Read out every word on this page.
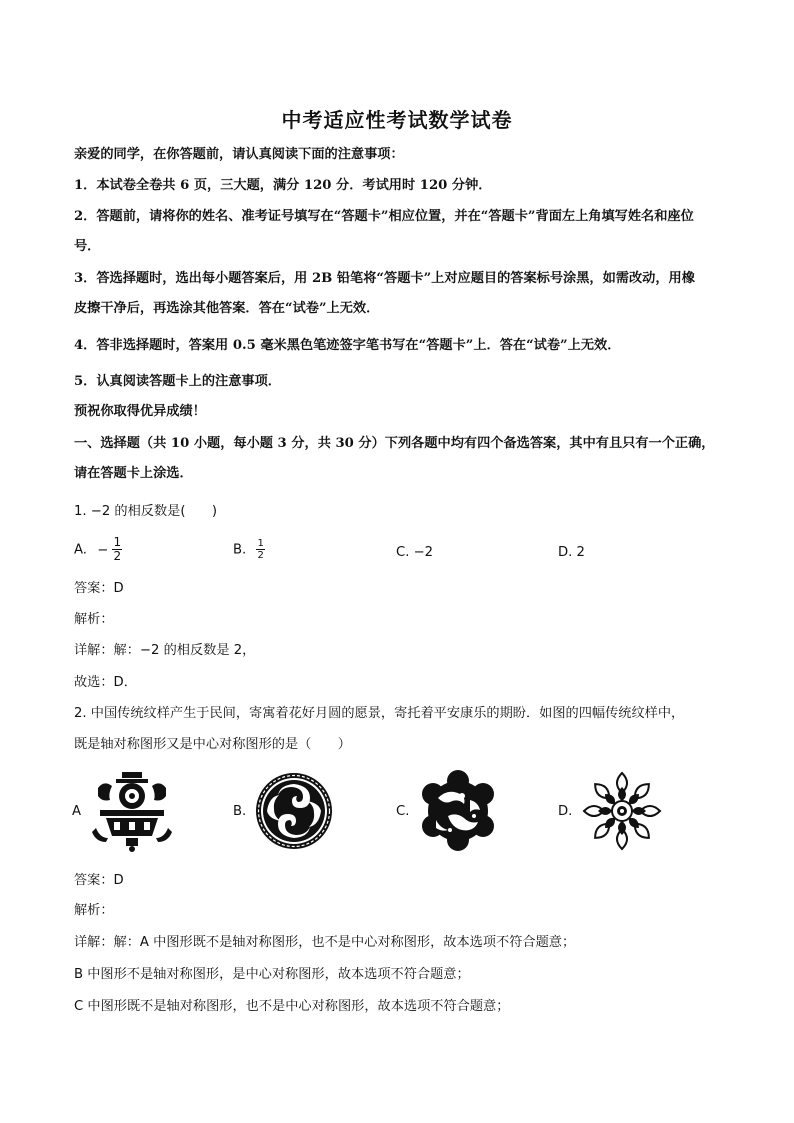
中考适应性考试数学试卷
亲爱的同学，在你答题前，请认真阅读下面的注意事项：
1．本试卷全卷共 6 页，三大题，满分 120 分．考试用时 120 分钟．
2．答题前，请将你的姓名、准考证号填写在“答题卡”相应位置，并在“答题卡”背面左上角填写姓名和座位
号．
3．答选择题时，选出每小题答案后，用 2B 铅笔将“答题卡”上对应题目的答案标号涂黑，如需改动，用橡
皮擦干净后，再选涂其他答案．答在“试卷”上无效．
4．答非选择题时，答案用 0.5 毫米黑色笔迹签字笔书写在“答题卡”上．答在“试卷”上无效．
5．认真阅读答题卡上的注意事项．
预祝你取得优异成绩！
一、选择题（共 10 小题，每小题 3 分，共 30 分）下列各题中均有四个备选答案，其中有且只有一个正确，
请在答题卡上涂选．
1. −2 的相反数是(　　)
A. − $\frac{1}{2}$	B. $\frac{1}{2}$	C. −2	D. 2
答案：D
解析：
详解：解：−2 的相反数是 2，
故选：D．
2. 中国传统纹样产生于民间，寄寓着花好月圆的愿景，寄托着平安康乐的期盼．如图的四幅传统纹样中，
既是轴对称图形又是中心对称图形的是（　　）
A	B.	C.	D.
答案：D
解析：
详解：解：A 中图形既不是轴对称图形，也不是中心对称图形，故本选项不符合题意；
B 中图形不是轴对称图形，是中心对称图形，故本选项不符合题意；
C 中图形既不是轴对称图形，也不是中心对称图形，故本选项不符合题意；
